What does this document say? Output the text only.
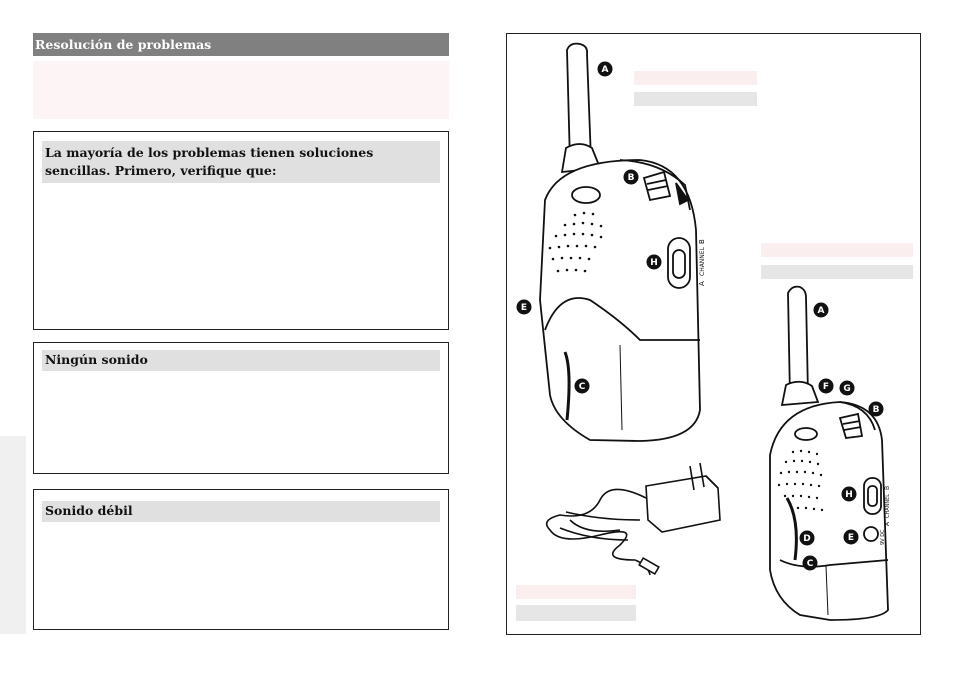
Resolución de problemas
La mayoría de los problemas tienen soluciones sencillas. Primero, verifique que:
Ningún sonido
Sonido débil
A
B
H
E
C
A
F G
B
H
E
D
C
A
CHANNEL
B
A
CHANNEL
B
9V DC
